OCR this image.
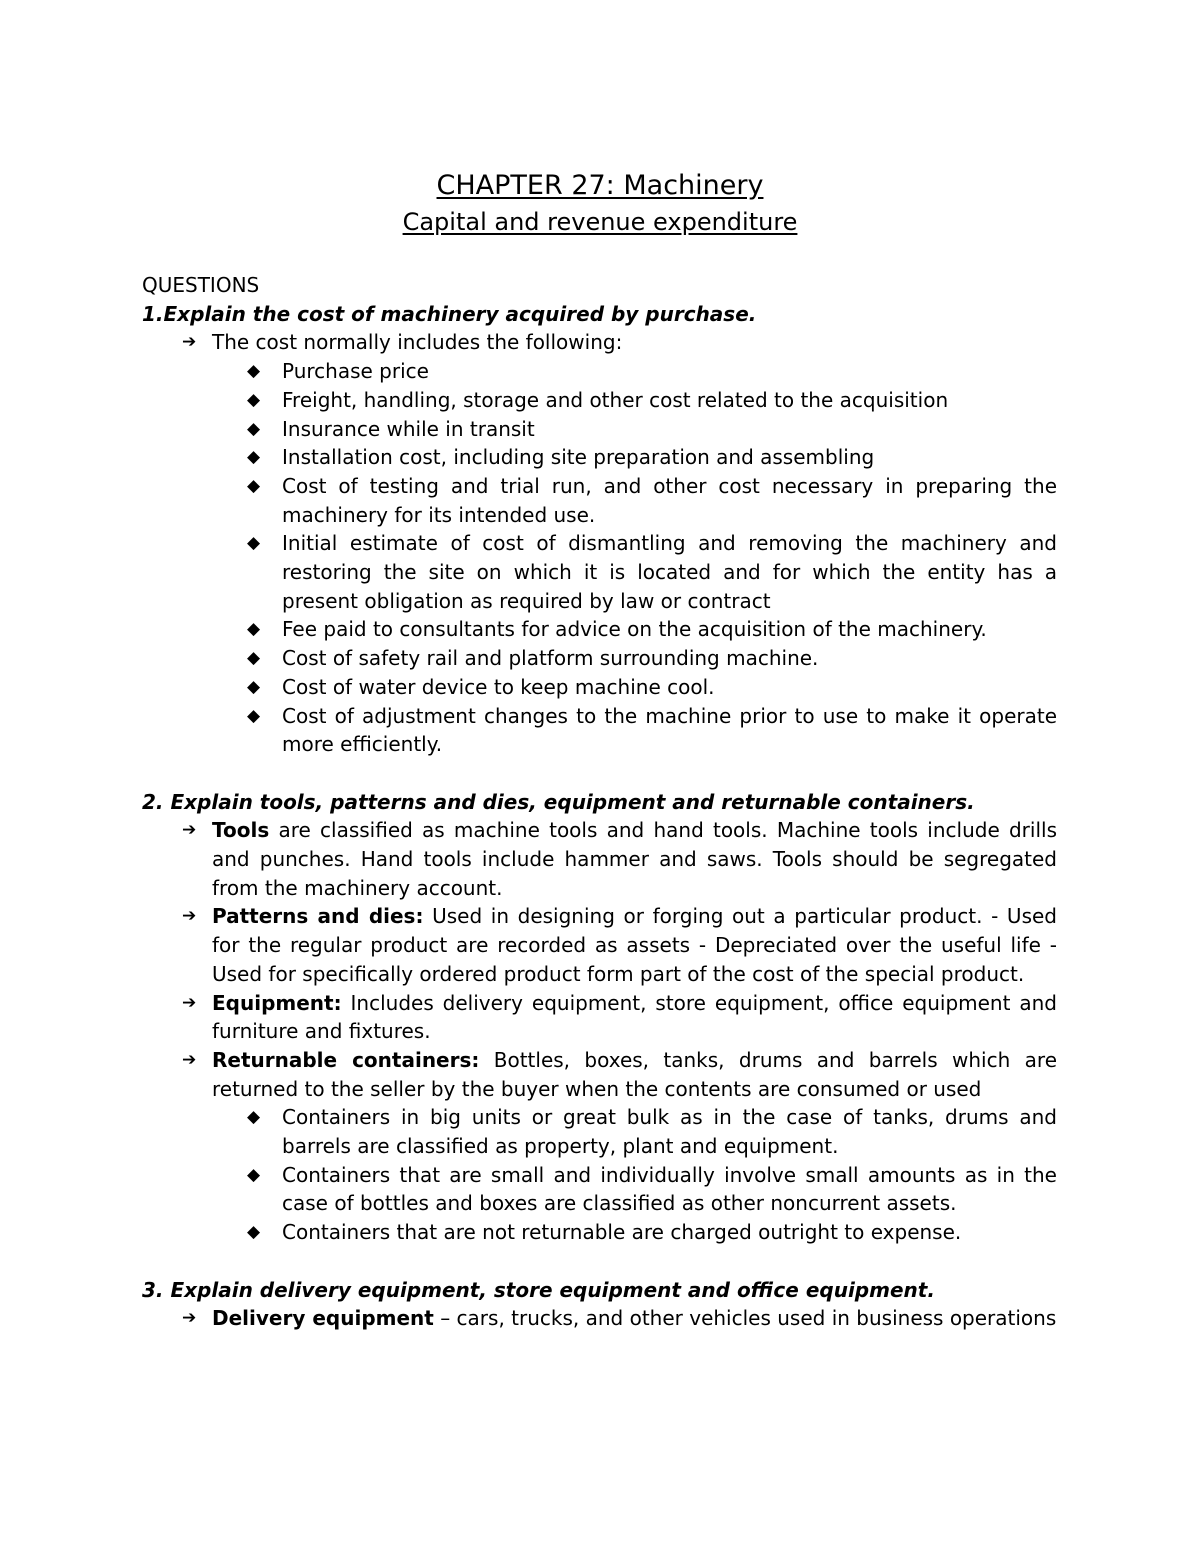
CHAPTER 27: Machinery
Capital and revenue expenditure
QUESTIONS
1.Explain the cost of machinery acquired by purchase.
➔ The cost normally includes the following:
◆ Purchase price
◆ Freight, handling, storage and other cost related to the acquisition
◆ Insurance while in transit
◆ Installation cost, including site preparation and assembling
◆ Cost of testing and trial run, and other cost necessary in preparing the machinery for its intended use.
◆ Initial estimate of cost of dismantling and removing the machinery and restoring the site on which it is located and for which the entity has a present obligation as required by law or contract
◆ Fee paid to consultants for advice on the acquisition of the machinery.
◆ Cost of safety rail and platform surrounding machine.
◆ Cost of water device to keep machine cool.
◆ Cost of adjustment changes to the machine prior to use to make it operate more efficiently.
2. Explain tools, patterns and dies, equipment and returnable containers.
➔ Tools are classified as machine tools and hand tools. Machine tools include drills and punches. Hand tools include hammer and saws. Tools should be segregated from the machinery account.
➔ Patterns and dies: Used in designing or forging out a particular product. - Used for the regular product are recorded as assets - Depreciated over the useful life - Used for specifically ordered product form part of the cost of the special product.
➔ Equipment: Includes delivery equipment, store equipment, office equipment and furniture and fixtures.
➔ Returnable containers: Bottles, boxes, tanks, drums and barrels which are returned to the seller by the buyer when the contents are consumed or used
◆ Containers in big units or great bulk as in the case of tanks, drums and barrels are classified as property, plant and equipment.
◆ Containers that are small and individually involve small amounts as in the case of bottles and boxes are classified as other noncurrent assets.
◆ Containers that are not returnable are charged outright to expense.
3. Explain delivery equipment, store equipment and office equipment.
➔ Delivery equipment – cars, trucks, and other vehicles used in business operations
